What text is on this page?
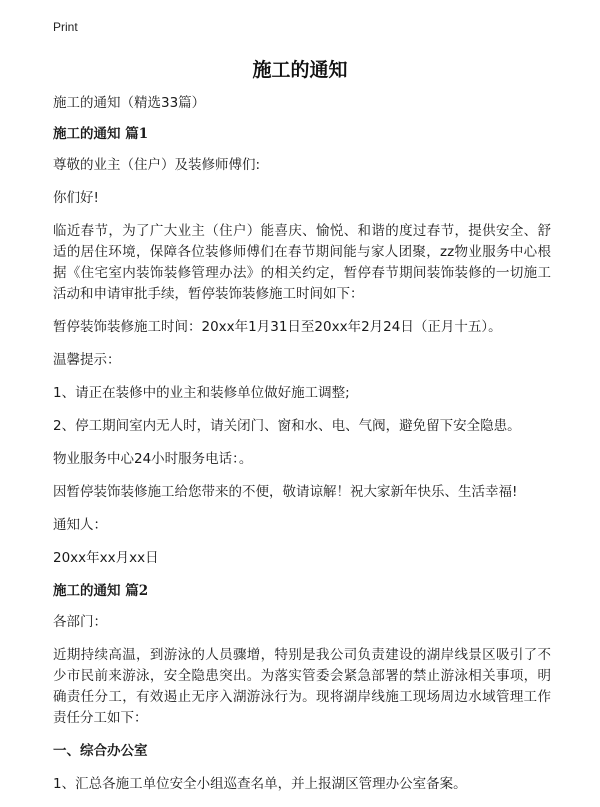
Print
施工的通知

施工的通知（精选33篇）

施工的通知 篇1

尊敬的业主（住户）及装修师傅们:

你们好!

临近春节，为了广大业主（住户）能喜庆、愉悦、和谐的度过春节，提供安全、舒适的居住环境，保障各位装修师傅们在春节期间能与家人团聚，zz物业服务中心根据《住宅室内装饰装修管理办法》的相关约定，暂停春节期间装饰装修的一切施工活动和申请审批手续，暂停装饰装修施工时间如下：

暂停装饰装修施工时间：20xx年1月31日至20xx年2月24日（正月十五）。

温馨提示：

1、请正在装修中的业主和装修单位做好施工调整;

2、停工期间室内无人时，请关闭门、窗和水、电、气阀，避免留下安全隐患。

物业服务中心24小时服务电话：。

因暂停装饰装修施工给您带来的不便，敬请谅解！祝大家新年快乐、生活幸福!

通知人：

20xx年xx月xx日

施工的通知 篇2

各部门：

近期持续高温，到游泳的人员骤增，特别是我公司负责建设的湖岸线景区吸引了不少市民前来游泳，安全隐患突出。为落实管委会紧急部署的禁止游泳相关事项，明确责任分工，有效遏止无序入湖游泳行为。现将湖岸线施工现场周边水域管理工作责任分工如下：

一、综合办公室

1、汇总各施工单位安全小组巡查名单，并上报湖区管理办公室备案。
